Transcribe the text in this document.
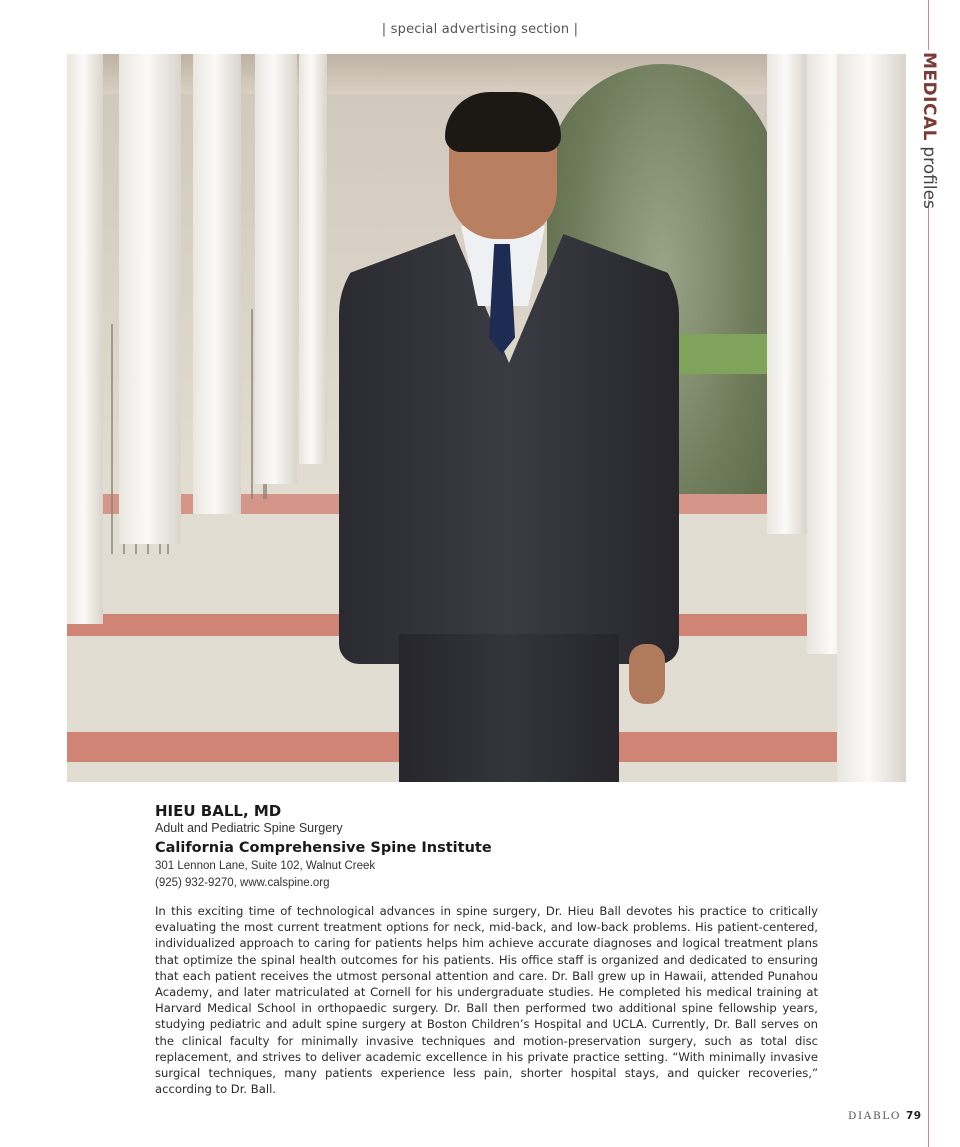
| special advertising section |
MEDICAL profiles
HIEU BALL, MD
Adult and Pediatric Spine Surgery
California Comprehensive Spine Institute
301 Lennon Lane, Suite 102, Walnut Creek
(925) 932-9270, www.calspine.org
In this exciting time of technological advances in spine surgery, Dr. Hieu Ball devotes his practice to critically evaluating the most current treatment options for neck, mid-back, and low-back problems. His patient-centered, individualized approach to caring for patients helps him achieve accurate diagnoses and logical treatment plans that optimize the spinal health outcomes for his patients. His office staff is organized and dedicated to ensuring that each patient receives the utmost personal attention and care. Dr. Ball grew up in Hawaii, attended Punahou Academy, and later matriculated at Cornell for his undergraduate studies. He completed his medical training at Harvard Medical School in orthopaedic surgery. Dr. Ball then performed two additional spine fellowship years, studying pediatric and adult spine surgery at Boston Children’s Hospital and UCLA. Currently, Dr. Ball serves on the clinical faculty for minimally invasive techniques and motion-preservation surgery, such as total disc replacement, and strives to deliver academic excellence in his private practice setting. “With minimally invasive surgical techniques, many patients experience less pain, shorter hospital stays, and quicker recoveries,” according to Dr. Ball.
DIABLO 79
